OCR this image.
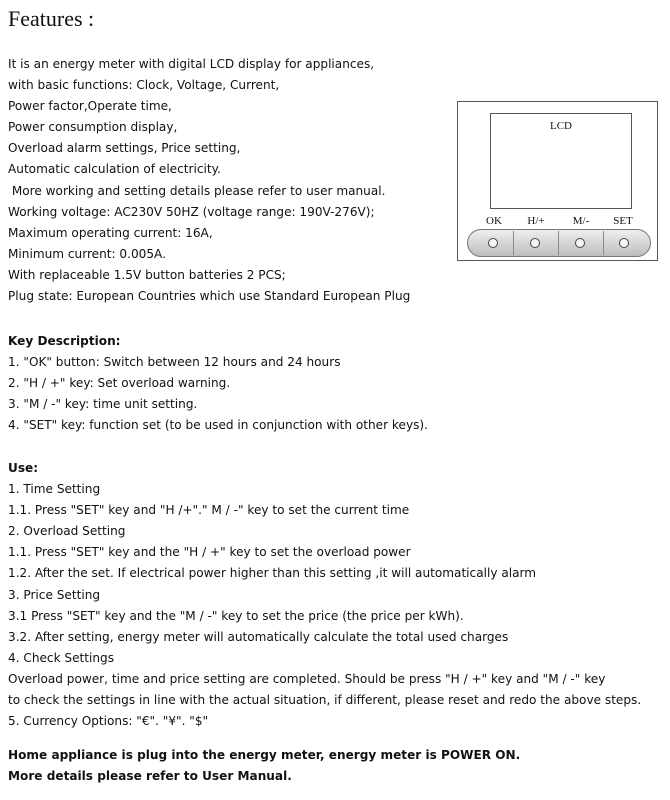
Features :
It is an energy meter with digital LCD display for appliances,
with basic functions: Clock, Voltage, Current,
Power factor,Operate time,
Power consumption display,
Overload alarm settings, Price setting,
Automatic calculation of electricity.
More working and setting details please refer to user manual.
Working voltage: AC230V 50HZ (voltage range: 190V-276V);
Maximum operating current: 16A,
Minimum current: 0.005A.
With replaceable 1.5V button batteries 2 PCS;
Plug state: European Countries which use Standard European Plug
LCD
OK	H/+	M/-	SET
Key Description:
1. "OK" button: Switch between 12 hours and 24 hours
2. "H / +" key: Set overload warning.
3. "M / -" key: time unit setting.
4. "SET" key: function set (to be used in conjunction with other keys).
Use:
1. Time Setting
1.1. Press "SET" key and "H /+"." M / -" key to set the current time
2. Overload Setting
1.1. Press "SET" key and the "H / +" key to set the overload power
1.2. After the set. If electrical power higher than this setting ,it will automatically alarm
3. Price Setting
3.1 Press "SET" key and the "M / -" key to set the price (the price per kWh).
3.2. After setting, energy meter will automatically calculate the total used charges
4. Check Settings
Overload power, time and price setting are completed. Should be press "H / +" key and "M / -" key
to check the settings in line with the actual situation, if different, please reset and redo the above steps.
5. Currency Options: "€". "¥". "$"
Home appliance is plug into the energy meter, energy meter is POWER ON.
More details please refer to User Manual.
